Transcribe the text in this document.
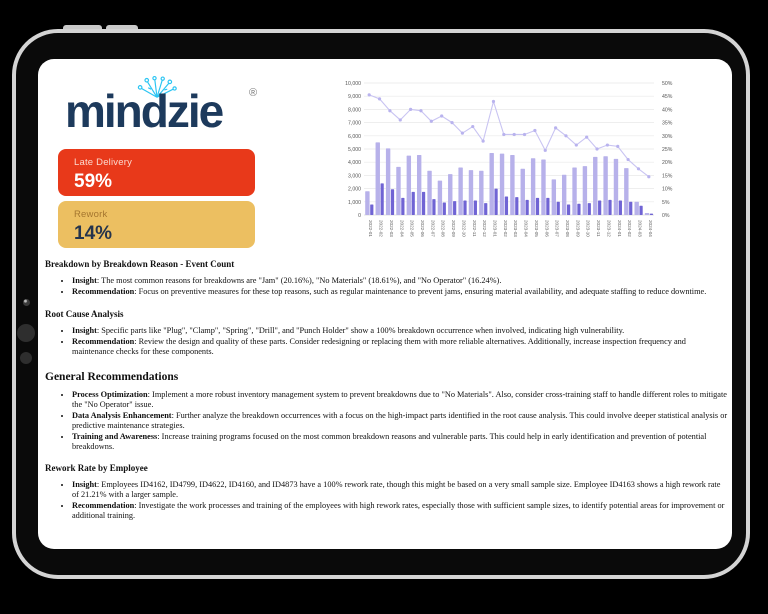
mindzie ®
Late Delivery
59%
Rework
14%
10,000	50%
9,000	45%
8,000	40%
7,000	35%
6,000	30%
5,000	25%
4,000	20%
3,000	15%
2,000	10%
1,000	5%
0	0%
2022-01 2022-02 2022-03 2022-04 2022-05 2022-06 2022-07 2022-08 2022-09 2022-10 2022-11 2022-12 2023-01 2023-02 2023-03 2023-04 2023-05 2023-06 2023-07 2023-08 2023-09 2023-10 2023-11 2023-12 2024-01 2024-02 2024-03 2024-04
Breakdown by Breakdown Reason - Event Count
• Insight: The most common reasons for breakdowns are "Jam" (20.16%), "No Materials" (18.61%), and "No Operator" (16.24%).
• Recommendation: Focus on preventive measures for these top reasons, such as regular maintenance to prevent jams, ensuring material availability, and adequate staffing to reduce downtime.
Root Cause Analysis
• Insight: Specific parts like "Plug", "Clamp", "Spring", "Drill", and "Punch Holder" show a 100% breakdown occurrence when involved, indicating high vulnerability.
• Recommendation: Review the design and quality of these parts. Consider redesigning or replacing them with more reliable alternatives. Additionally, increase inspection frequency and maintenance checks for these components.
General Recommendations
• Process Optimization: Implement a more robust inventory management system to prevent breakdowns due to "No Materials". Also, consider cross-training staff to handle different roles to mitigate the "No Operator" issue.
• Data Analysis Enhancement: Further analyze the breakdown occurrences with a focus on the high-impact parts identified in the root cause analysis. This could involve deeper statistical analysis or predictive maintenance strategies.
• Training and Awareness: Increase training programs focused on the most common breakdown reasons and vulnerable parts. This could help in early identification and prevention of potential breakdowns.
Rework Rate by Employee
• Insight: Employees ID4162, ID4799, ID4622, ID4160, and ID4873 have a 100% rework rate, though this might be based on a very small sample size. Employee ID4163 shows a high rework rate of 21.21% with a larger sample.
• Recommendation: Investigate the work processes and training of the employees with high rework rates, especially those with sufficient sample sizes, to identify potential areas for improvement or additional training.
